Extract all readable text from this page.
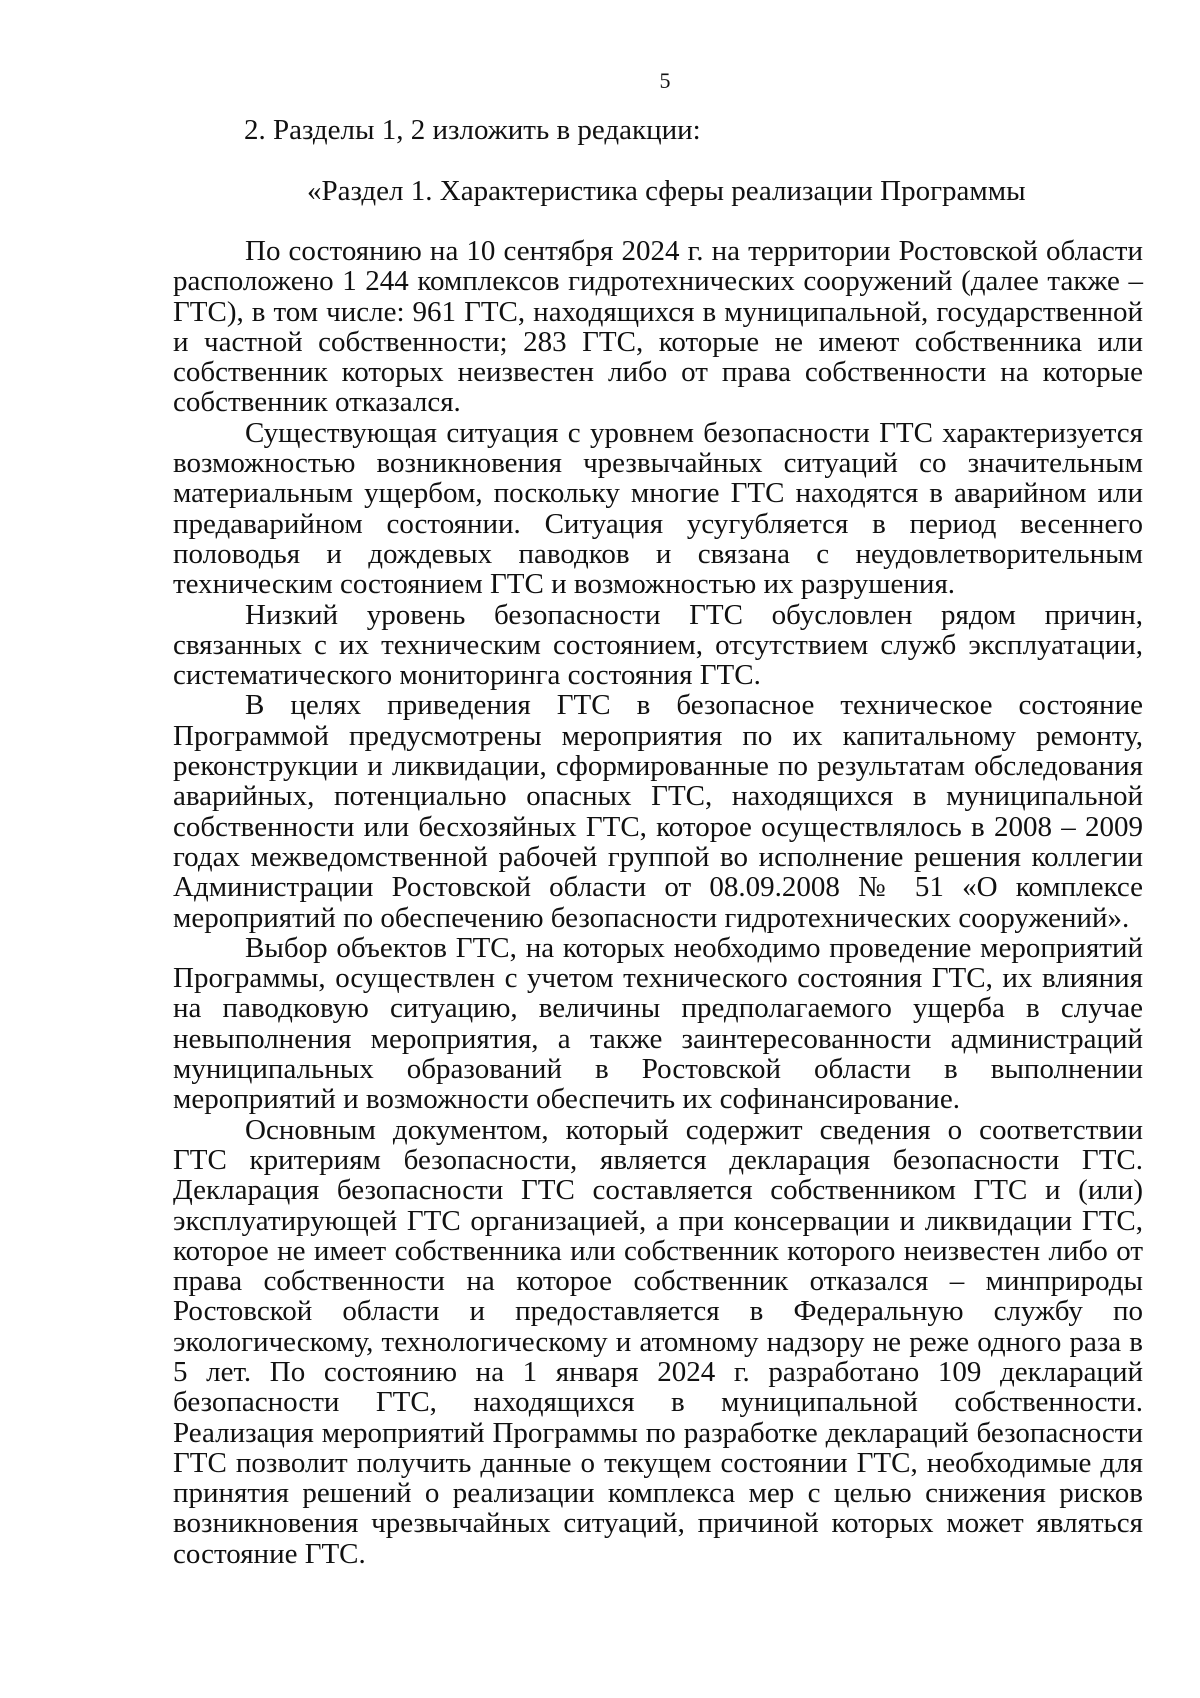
5
2. Разделы 1, 2 изложить в редакции:
«Раздел 1. Характеристика сферы реализации Программы

По состоянию на 10 сентября 2024 г. на территории Ростовской области расположено 1 244 комплексов гидротехнических сооружений (далее также – ГТС), в том числе: 961 ГТС, находящихся в муниципальной, государственной и частной собственности; 283 ГТС, которые не имеют собственника или собственник которых неизвестен либо от права собственности на которые собственник отказался.

Существующая ситуация с уровнем безопасности ГТС характеризуется возможностью возникновения чрезвычайных ситуаций со значительным материальным ущербом, поскольку многие ГТС находятся в аварийном или предаварийном состоянии. Ситуация усугубляется в период весеннего половодья и дождевых паводков и связана с неудовлетворительным техническим состоянием ГТС и возможностью их разрушения.

Низкий уровень безопасности ГТС обусловлен рядом причин, связанных с их техническим состоянием, отсутствием служб эксплуатации, систематического мониторинга состояния ГТС.

В целях приведения ГТС в безопасное техническое состояние Программой предусмотрены мероприятия по их капитальному ремонту, реконструкции и ликвидации, сформированные по результатам обследования аварийных, потенциально опасных ГТС, находящихся в муниципальной собственности или бесхозяйных ГТС, которое осуществлялось в 2008 – 2009 годах межведомственной рабочей группой во исполнение решения коллегии Администрации Ростовской области от 08.09.2008 № 51 «О комплексе мероприятий по обеспечению безопасности гидротехнических сооружений».

Выбор объектов ГТС, на которых необходимо проведение мероприятий Программы, осуществлен с учетом технического состояния ГТС, их влияния на паводковую ситуацию, величины предполагаемого ущерба в случае невыполнения мероприятия, а также заинтересованности администраций муниципальных образований в Ростовской области в выполнении мероприятий и возможности обеспечить их софинансирование.

Основным документом, который содержит сведения о соответствии ГТС критериям безопасности, является декларация безопасности ГТС. Декларация безопасности ГТС составляется собственником ГТС и (или) эксплуатирующей ГТС организацией, а при консервации и ликвидации ГТС, которое не имеет собственника или собственник которого неизвестен либо от права собственности на которое собственник отказался – минприроды Ростовской области и предоставляется в Федеральную службу по экологическому, технологическому и атомному надзору не реже одного раза в 5 лет. По состоянию на 1 января 2024 г. разработано 109 деклараций безопасности ГТС, находящихся в муниципальной собственности. Реализация мероприятий Программы по разработке деклараций безопасности ГТС позволит получить данные о текущем состоянии ГТС, необходимые для принятия решений о реализации комплекса мер с целью снижения рисков возникновения чрезвычайных ситуаций, причиной которых может являться состояние ГТС.
